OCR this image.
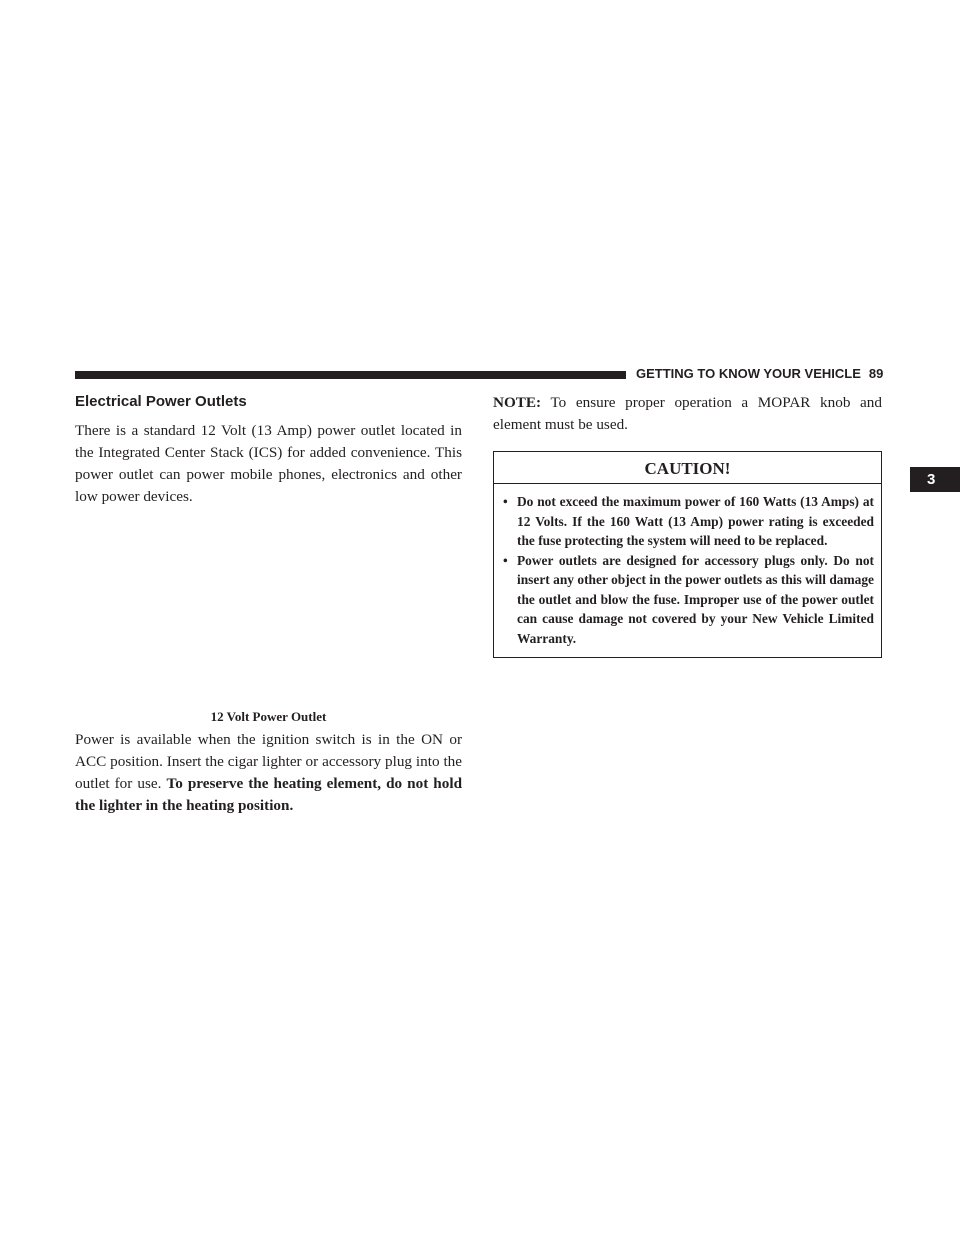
GETTING TO KNOW YOUR VEHICLE 89
3
Electrical Power Outlets

There is a standard 12 Volt (13 Amp) power outlet located in the Integrated Center Stack (ICS) for added convenience. This power outlet can power mobile phones, electronics and other low power devices.

12 Volt Power Outlet

Power is available when the ignition switch is in the ON or ACC position. Insert the cigar lighter or accessory plug into the outlet for use. To preserve the heating element, do not hold the lighter in the heating position.

NOTE: To ensure proper operation a MOPAR knob and element must be used.

CAUTION!
• Do not exceed the maximum power of 160 Watts (13 Amps) at 12 Volts. If the 160 Watt (13 Amp) power rating is exceeded the fuse protecting the system will need to be replaced.
• Power outlets are designed for accessory plugs only. Do not insert any other object in the power outlets as this will damage the outlet and blow the fuse. Improper use of the power outlet can cause damage not covered by your New Vehicle Limited Warranty.
